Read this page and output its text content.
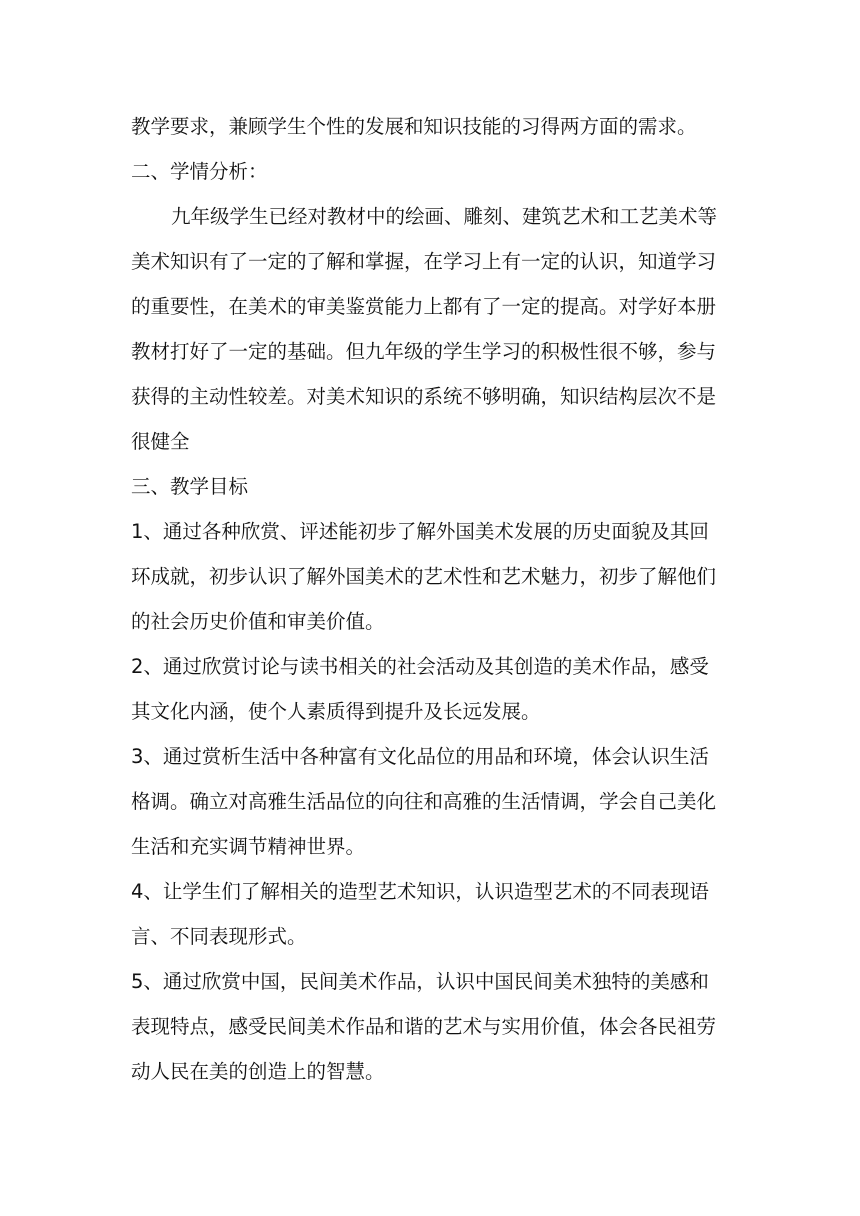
教学要求，兼顾学生个性的发展和知识技能的习得两方面的需求。
二、学情分析：
九年级学生已经对教材中的绘画、雕刻、建筑艺术和工艺美术等
美术知识有了一定的了解和掌握，在学习上有一定的认识，知道学习
的重要性，在美术的审美鉴赏能力上都有了一定的提高。对学好本册
教材打好了一定的基础。但九年级的学生学习的积极性很不够，参与
获得的主动性较差。对美术知识的系统不够明确，知识结构层次不是
很健全
三、教学目标
1、通过各种欣赏、评述能初步了解外国美术发展的历史面貌及其回
环成就，初步认识了解外国美术的艺术性和艺术魅力，初步了解他们
的社会历史价值和审美价值。
2、通过欣赏讨论与读书相关的社会活动及其创造的美术作品，感受
其文化内涵，使个人素质得到提升及长远发展。
3、通过赏析生活中各种富有文化品位的用品和环境，体会认识生活
格调。确立对高雅生活品位的向往和高雅的生活情调，学会自己美化
生活和充实调节精神世界。
4、让学生们了解相关的造型艺术知识，认识造型艺术的不同表现语
言、不同表现形式。
5、通过欣赏中国，民间美术作品，认识中国民间美术独特的美感和
表现特点，感受民间美术作品和谐的艺术与实用价值，体会各民祖劳
动人民在美的创造上的智慧。
